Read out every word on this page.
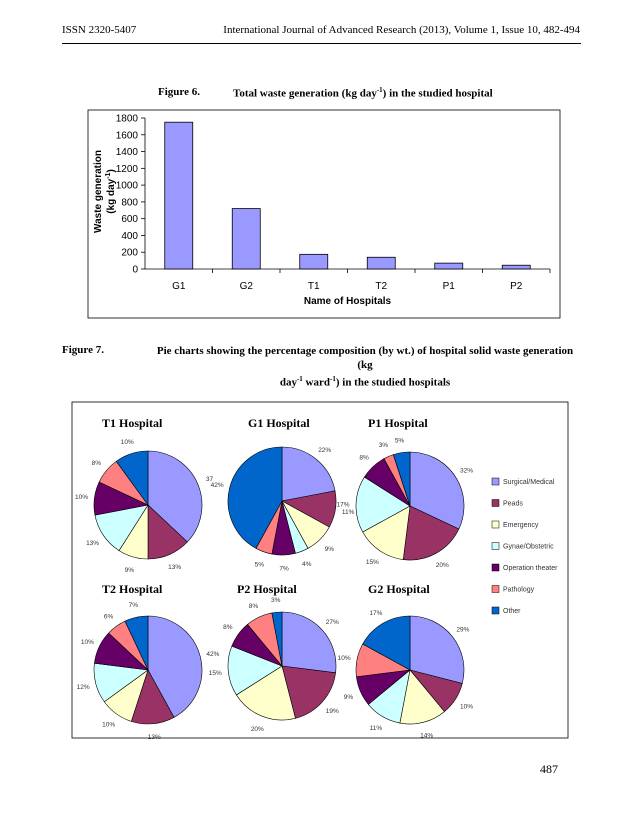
ISSN 2320-5407	International Journal of Advanced Research (2013), Volume 1, Issue 10, 482-494
Figure 6.	Total waste generation (kg day$^{-1}$) in the studied hospital
0
200
400
600
800
1000
1200
1400
1600
1800
G1	G2	T1	T2	P1	P2
Name of Hospitals
Waste generation (kg day$^{-1}$)
Figure 7.	Pie charts showing the percentage composition (by wt.) of hospital solid waste generation (kg
day$^{-1}$ ward$^{-1}$) in the studied hospitals
T1 Hospital
37
13%
9%
13%
10%
8%
10%
G1 Hospital
22%
11%
9%
4%
7%
5%
42%
P1 Hospital
32%
20%
15%
17%
8%
3%
5%
T2 Hospital
42%
13%
10%
12%
10%
6%
7%
P2 Hospital
27%
19%
20%
15%
8%
8%
3%
G2 Hospital
29%
10%
14%
11%
9%
10%
17%
Surgical/Medical
Peads
Emergency
Gynae/Obstetric
Operation theater
Pathology
Other
487
